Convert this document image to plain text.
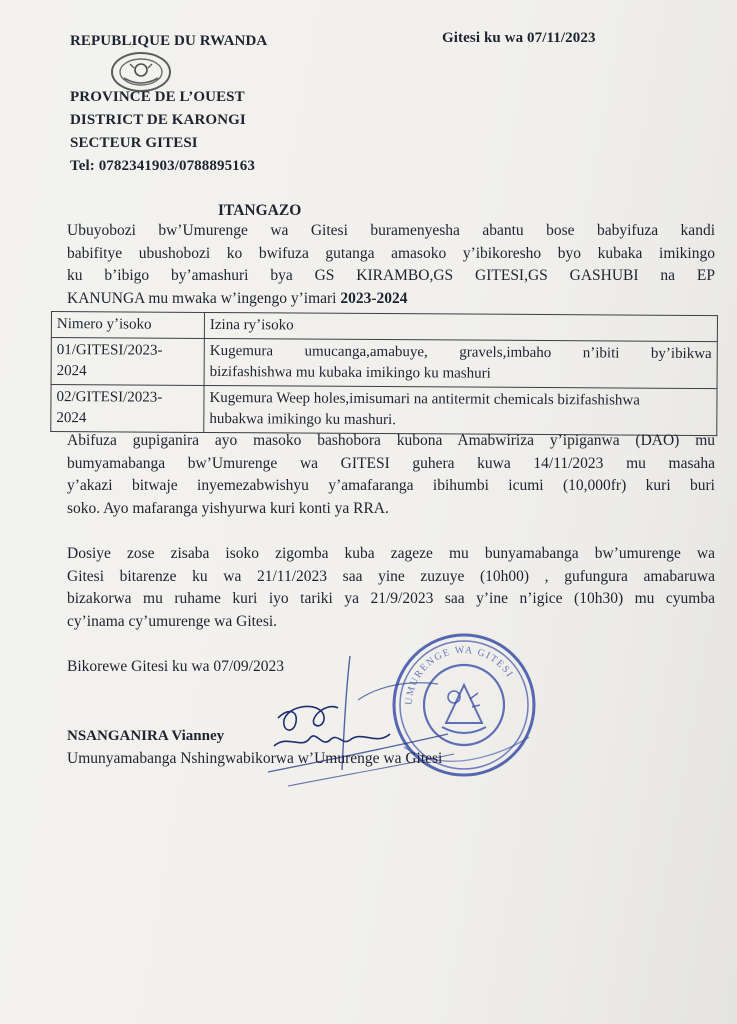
REPUBLIQUE DU RWANDA	Gitesi ku wa 07/11/2023
PROVINCE DE L’OUEST
DISTRICT DE KARONGI
SECTEUR GITESI
Tel: 0782341903/0788895163
ITANGAZO
Ubuyobozi bw’Umurenge wa Gitesi buramenyesha abantu bose babyifuza kandi
babifitye ubushobozi ko bwifuza gutanga amasoko y’ibikoresho byo kubaka imikingo
ku b’ibigo by’amashuri bya GS KIRAMBO,GS GITESI,GS GASHUBI na EP
KANUNGA mu mwaka w’ingengo y’imari 2023-2024
Nimero y’isoko	Izina ry’isoko

01/GITESI/2023-
2024	Kugemura umucanga,amabuye, gravels,imbaho n’ibiti by’ibikwa
bizifashishwa mu kubaka imikingo ku mashuri

02/GITESI/2023-
2024	Kugemura Weep holes,imisumari na antitermit chemicals bizifashishwa
hubakwa imikingo ku mashuri.
Abifuza gupiganira ayo masoko bashobora kubona Amabwiriza y’ipiganwa (DAO) mu
bumyamabanga bw’Umurenge wa GITESI guhera kuwa 14/11/2023 mu masaha
y’akazi bitwaje inyemezabwishyu y’amafaranga ibihumbi icumi (10,000fr) kuri buri
soko. Ayo mafaranga yishyurwa kuri konti ya RRA.
Dosiye zose zisaba isoko zigomba kuba zageze mu bunyamabanga bw’umurenge wa
Gitesi bitarenze ku wa 21/11/2023 saa yine zuzuye (10h00) , gufungura amabaruwa
bizakorwa mu ruhame kuri iyo tariki ya 21/9/2023 saa y’ine n’igice (10h30) mu cyumba
cy’inama cy’umurenge wa Gitesi.
Bikorewe Gitesi ku wa 07/09/2023
UMURENGE WA GITESI
NSANGANIRA Vianney
Umunyamabanga Nshingwabikorwa w’Umurenge wa Gitesi
